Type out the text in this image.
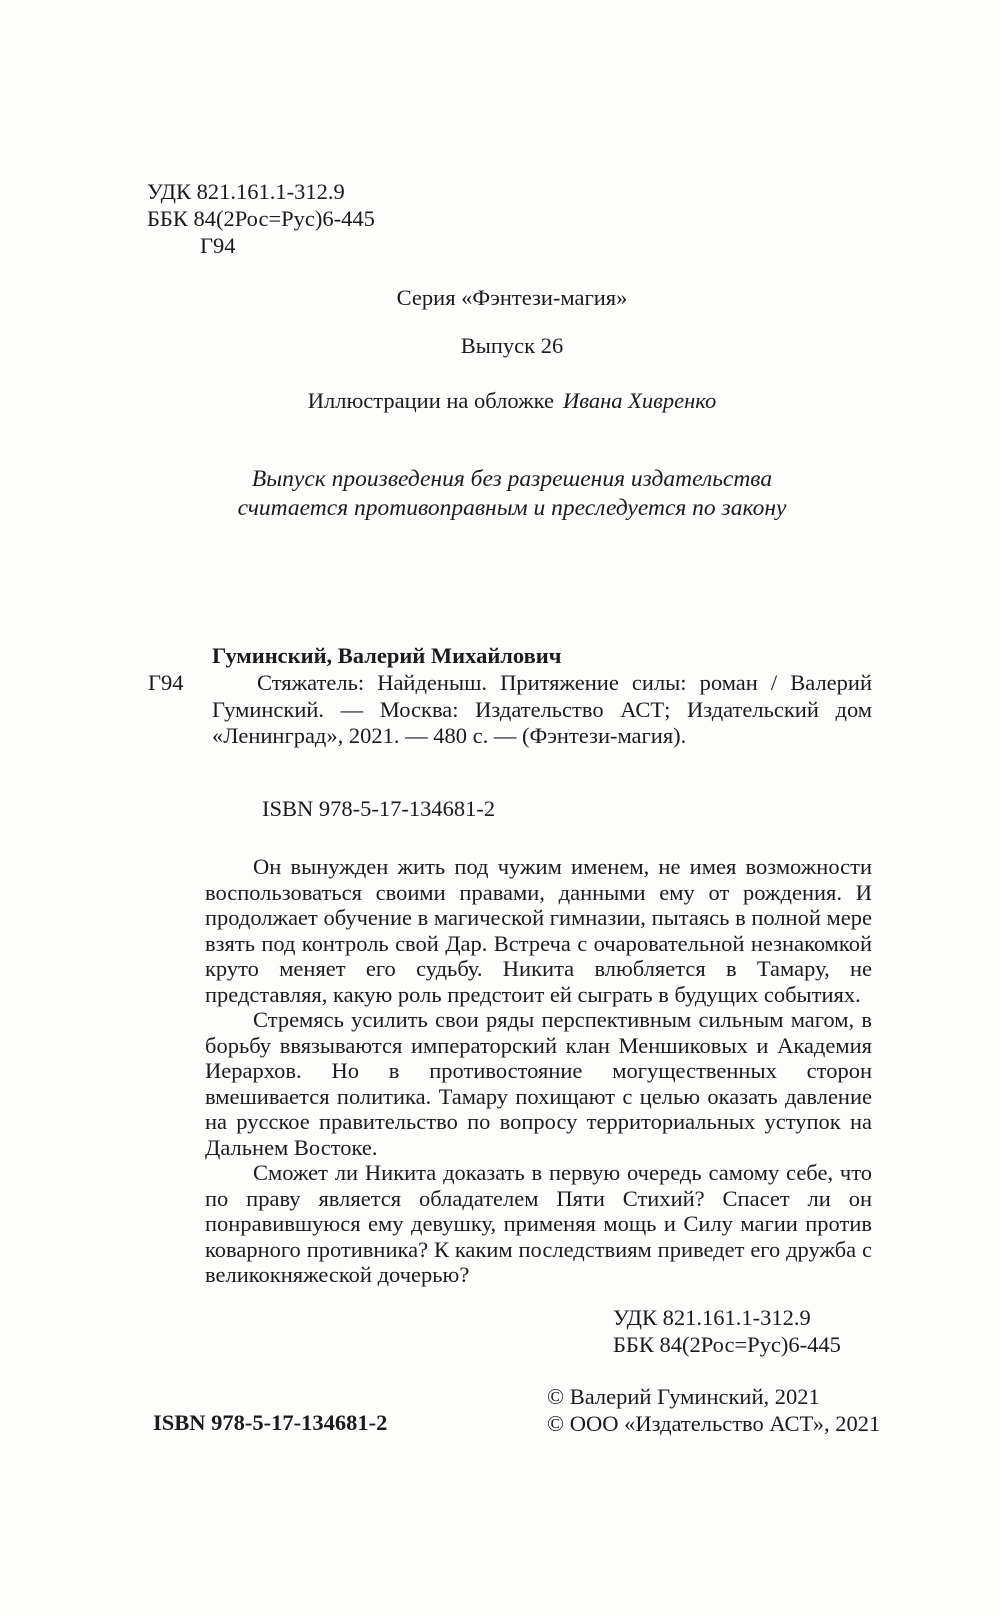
УДК 821.161.1-312.9
ББК 84(2Рос=Рус)6-445
Г94
Серия «Фэнтези-магия»
Выпуск 26
Иллюстрации на обложке Ивана Хивренко
Выпуск произведения без разрешения издательства
считается противоправным и преследуется по закону
Гуминский, Валерий Михайлович
Г94	Стяжатель: Найденыш. Притяжение силы: роман / Валерий Гуминский. — Москва: Издательство АСТ; Издательский дом «Ленинград», 2021. — 480 с. — (Фэнтези-магия).
ISBN 978-5-17-134681-2

Он вынужден жить под чужим именем, не имея возможности воспользоваться своими правами, данными ему от рождения. И продолжает обучение в магической гимназии, пытаясь в полной мере взять под контроль свой Дар. Встреча с очаровательной незнакомкой круто меняет его судьбу. Никита влюбляется в Тамару, не представляя, какую роль предстоит ей сыграть в будущих событиях.

Стремясь усилить свои ряды перспективным сильным магом, в борьбу ввязываются императорский клан Меншиковых и Академия Иерархов. Но в противостояние могущественных сторон вмешивается политика. Тамару похищают с целью оказать давление на русское правительство по вопросу территориальных уступок на Дальнем Востоке.

Сможет ли Никита доказать в первую очередь самому себе, что по праву является обладателем Пяти Стихий? Спасет ли он понравившуюся ему девушку, применяя мощь и Силу магии против коварного противника? К каким последствиям приведет его дружба с великокняжеской дочерью?

УДК 821.161.1-312.9
ББК 84(2Рос=Рус)6-445
© Валерий Гуминский, 2021
© ООО «Издательство АСТ», 2021
ISBN 978-5-17-134681-2
